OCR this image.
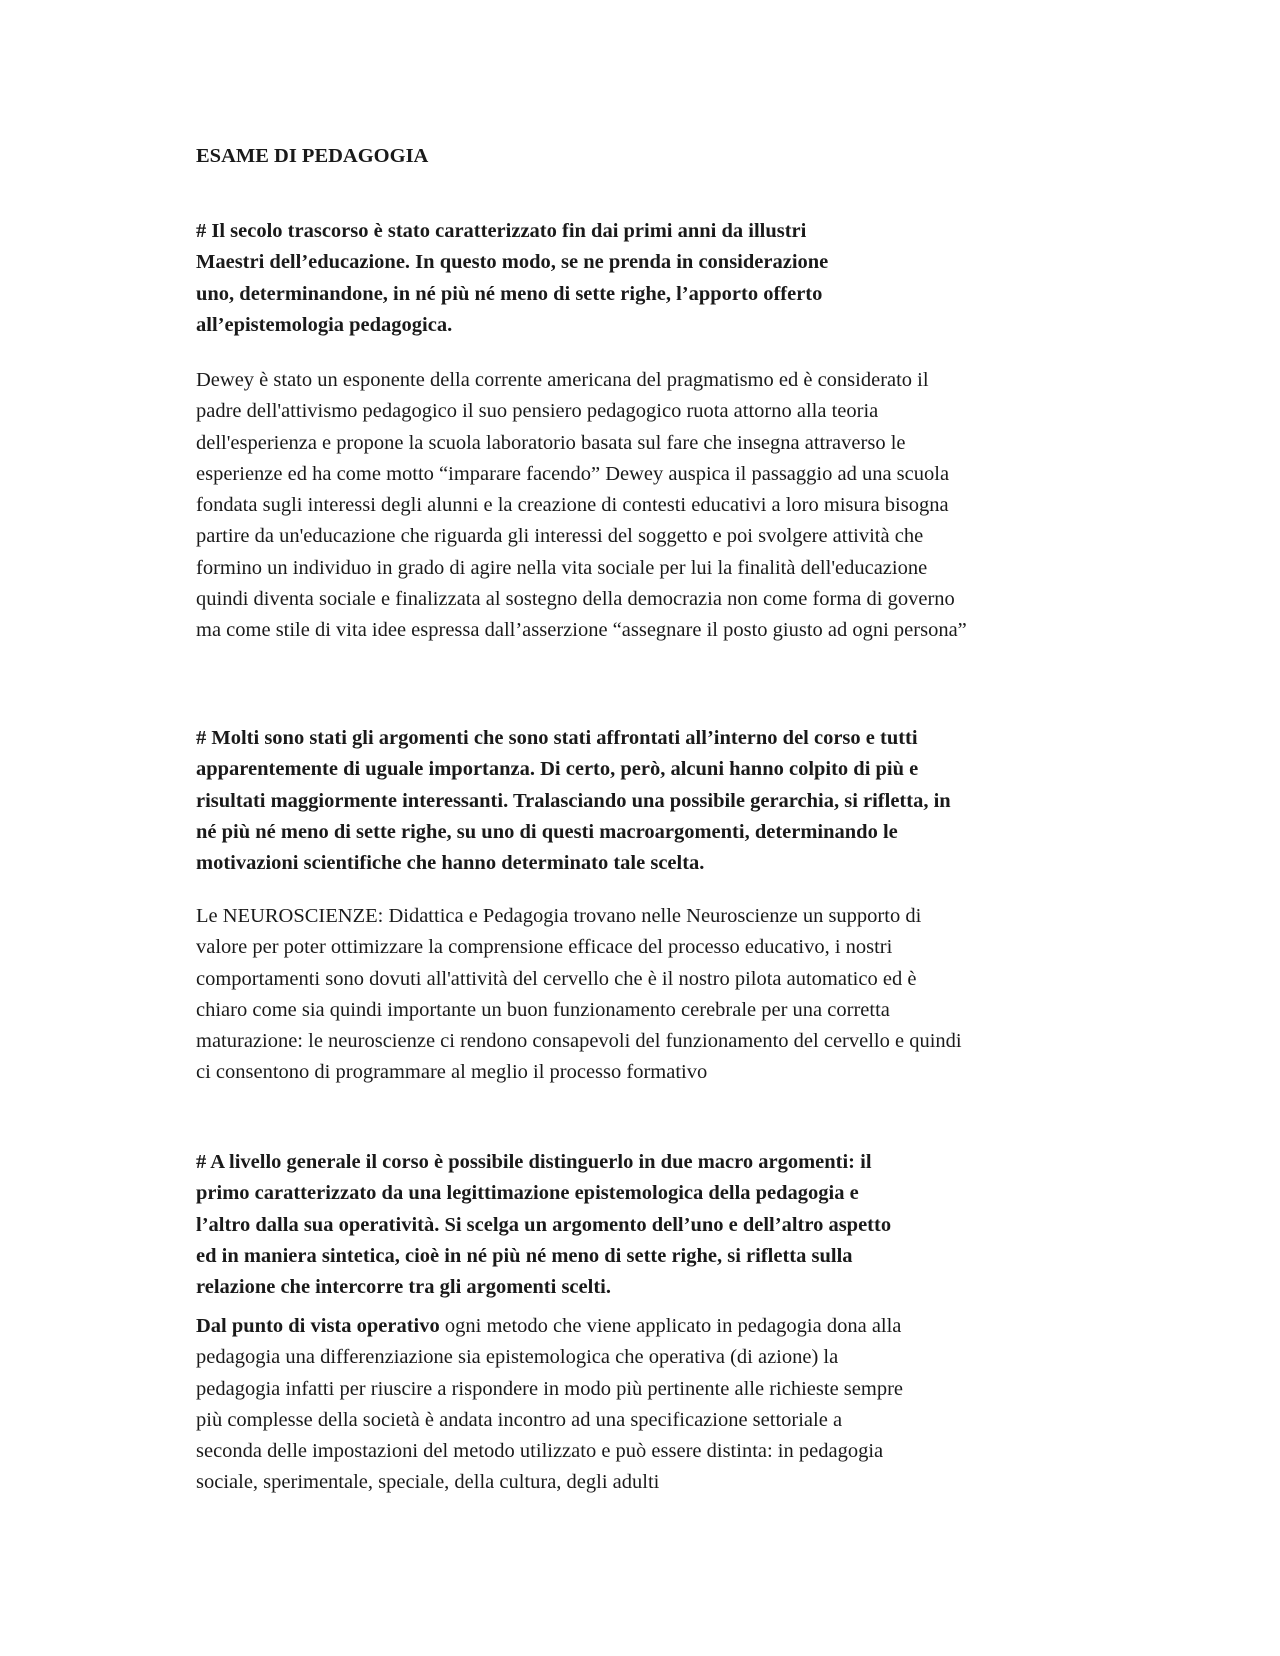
ESAME DI PEDAGOGIA
# Il secolo trascorso è stato caratterizzato fin dai primi anni da illustri
Maestri dell’educazione. In questo modo, se ne prenda in considerazione
uno, determinandone, in né più né meno di sette righe, l’apporto offerto
all’epistemologia pedagogica.
Dewey è stato un esponente della corrente americana del pragmatismo ed è considerato il
padre dell'attivismo pedagogico il suo pensiero pedagogico ruota attorno alla teoria
dell'esperienza e propone la scuola laboratorio basata sul fare che insegna attraverso le
esperienze ed ha come motto “imparare facendo” Dewey auspica il passaggio ad una scuola
fondata sugli interessi degli alunni e la creazione di contesti educativi a loro misura bisogna
partire da un'educazione che riguarda gli interessi del soggetto e poi svolgere attività che
formino un individuo in grado di agire nella vita sociale per lui la finalità dell'educazione
quindi diventa sociale e finalizzata al sostegno della democrazia non come forma di governo
ma come stile di vita idee espressa dall’asserzione “assegnare il posto giusto ad ogni persona”
# Molti sono stati gli argomenti che sono stati affrontati all’interno del corso e tutti
apparentemente di uguale importanza. Di certo, però, alcuni hanno colpito di più e
risultati maggiormente interessanti. Tralasciando una possibile gerarchia, si rifletta, in
né più né meno di sette righe, su uno di questi macroargomenti, determinando le
motivazioni scientifiche che hanno determinato tale scelta.
Le NEUROSCIENZE: Didattica e Pedagogia trovano nelle Neuroscienze un supporto di
valore per poter ottimizzare la comprensione efficace del processo educativo, i nostri
comportamenti sono dovuti all'attività del cervello che è il nostro pilota automatico ed è
chiaro come sia quindi importante un buon funzionamento cerebrale per una corretta
maturazione: le neuroscienze ci rendono consapevoli del funzionamento del cervello e quindi
ci consentono di programmare al meglio il processo formativo
# A livello generale il corso è possibile distinguerlo in due macro argomenti: il
primo caratterizzato da una legittimazione epistemologica della pedagogia e
l’altro dalla sua operatività. Si scelga un argomento dell’uno e dell’altro aspetto
ed in maniera sintetica, cioè in né più né meno di sette righe, si rifletta sulla
relazione che intercorre tra gli argomenti scelti.
Dal punto di vista operativo ogni metodo che viene applicato in pedagogia dona alla
pedagogia una differenziazione sia epistemologica che operativa (di azione) la
pedagogia infatti per riuscire a rispondere in modo più pertinente alle richieste sempre
più complesse della società è andata incontro ad una specificazione settoriale a
seconda delle impostazioni del metodo utilizzato e può essere distinta: in pedagogia
sociale, sperimentale, speciale, della cultura, degli adulti
